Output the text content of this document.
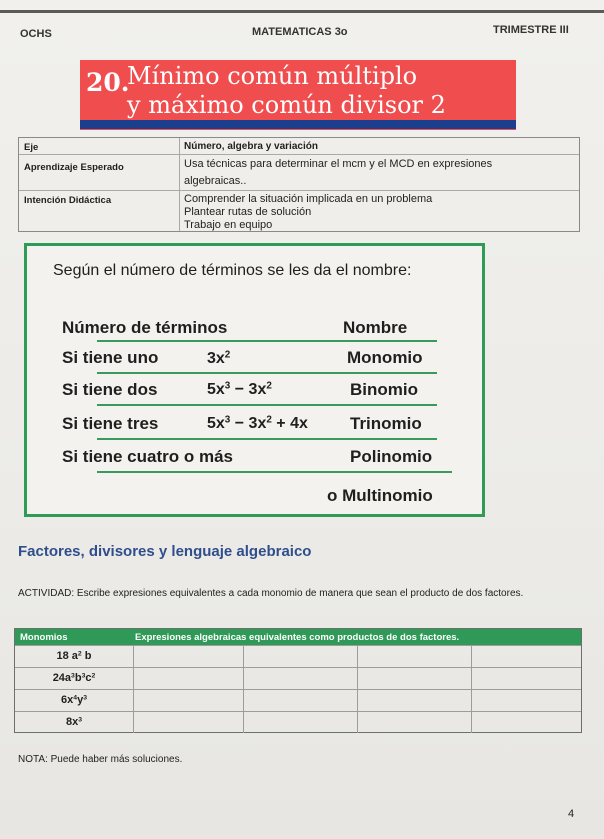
OCHS	MATEMATICAS 3o	TRIMESTRE III
20.
Mínimo común múltiplo
y máximo común divisor 2
Eje	Número, algebra y variación
Aprendizaje Esperado	Usa técnicas para determinar el mcm y el MCD en expresiones
algebraicas..
Intención Didáctica	Comprender la situación implicada en un problema
Plantear rutas de solución
Trabajo en equipo
Según el número de términos se les da el nombre:
Número de términos	Nombre
Si tiene uno	$3x^2$	Monomio
Si tiene dos	$5x^3 - 3x^2$	Binomio
Si tiene tres	$5x^3 - 3x^2 + 4x$ Trinomio
Si tiene cuatro o más	Polinomio
o Multinomio
Factores, divisores y lenguaje algebraico
ACTIVIDAD: Escribe expresiones equivalentes a cada monomio de manera que sean el producto de dos factores.
Monomios	Expresiones algebraicas equivalentes como productos de dos factores.
18 $a^2$ b
$24a^3b^3c^2$
$6x^4y^3$
$8x^3$
NOTA: Puede haber más soluciones.
4
